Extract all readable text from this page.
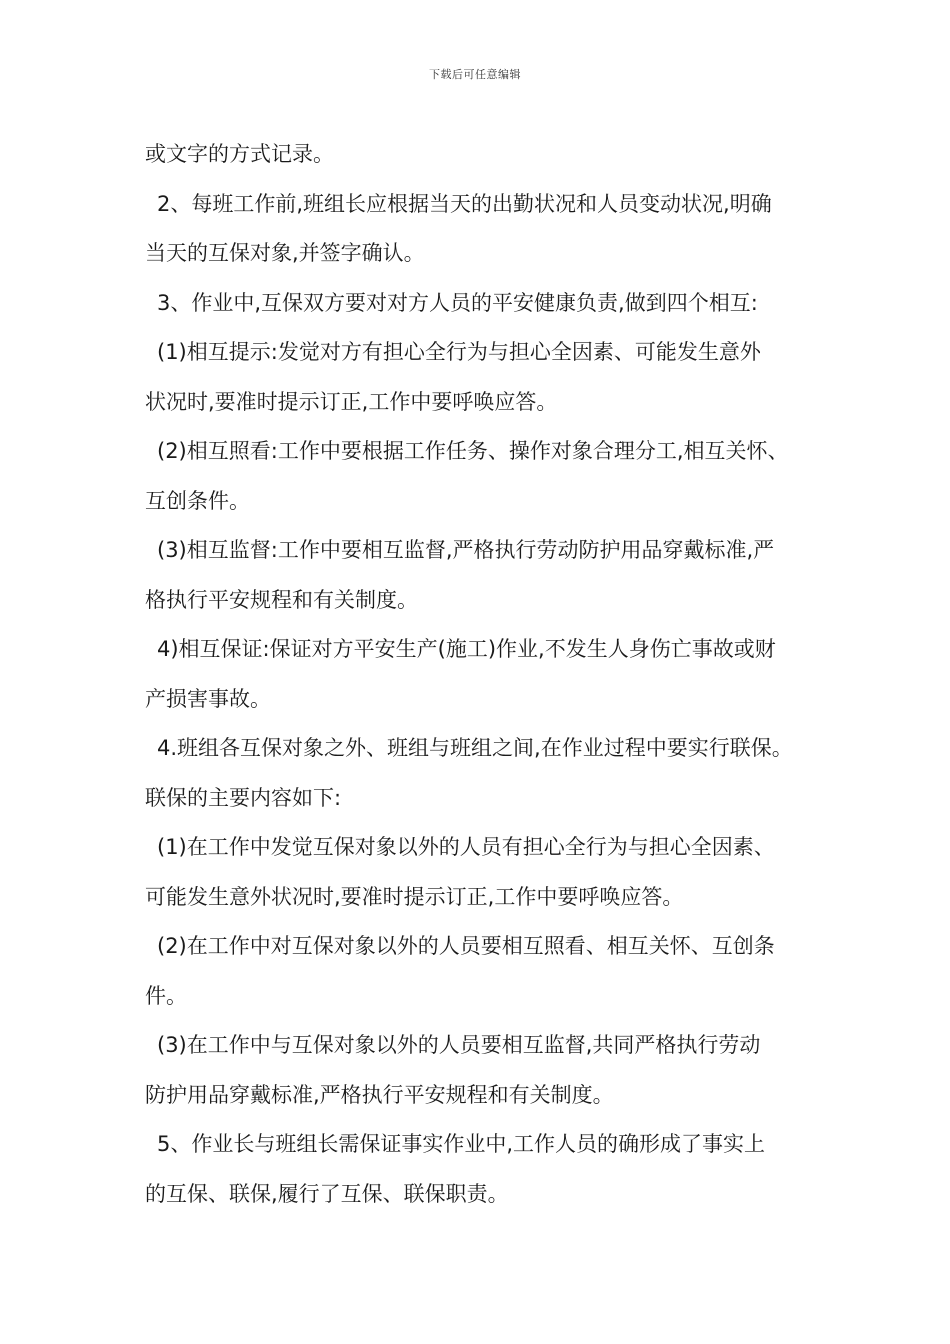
下载后可任意编辑
或文字的方式记录。
2、每班工作前,班组长应根据当天的出勤状况和人员变动状况,明确
当天的互保对象,并签字确认。
3、作业中,互保双方要对对方人员的平安健康负责,做到四个相互:
(1)相互提示:发觉对方有担心全行为与担心全因素、可能发生意外
状况时,要准时提示订正,工作中要呼唤应答。
(2)相互照看:工作中要根据工作任务、操作对象合理分工,相互关怀、
互创条件。
(3)相互监督:工作中要相互监督,严格执行劳动防护用品穿戴标准,严
格执行平安规程和有关制度。
4)相互保证:保证对方平安生产(施工)作业,不发生人身伤亡事故或财
产损害事故。
4.班组各互保对象之外、班组与班组之间,在作业过程中要实行联保。
联保的主要内容如下:
(1)在工作中发觉互保对象以外的人员有担心全行为与担心全因素、
可能发生意外状况时,要准时提示订正,工作中要呼唤应答。
(2)在工作中对互保对象以外的人员要相互照看、相互关怀、互创条
件。
(3)在工作中与互保对象以外的人员要相互监督,共同严格执行劳动
防护用品穿戴标准,严格执行平安规程和有关制度。
5、作业长与班组长需保证事实作业中,工作人员的确形成了事实上
的互保、联保,履行了互保、联保职责。
